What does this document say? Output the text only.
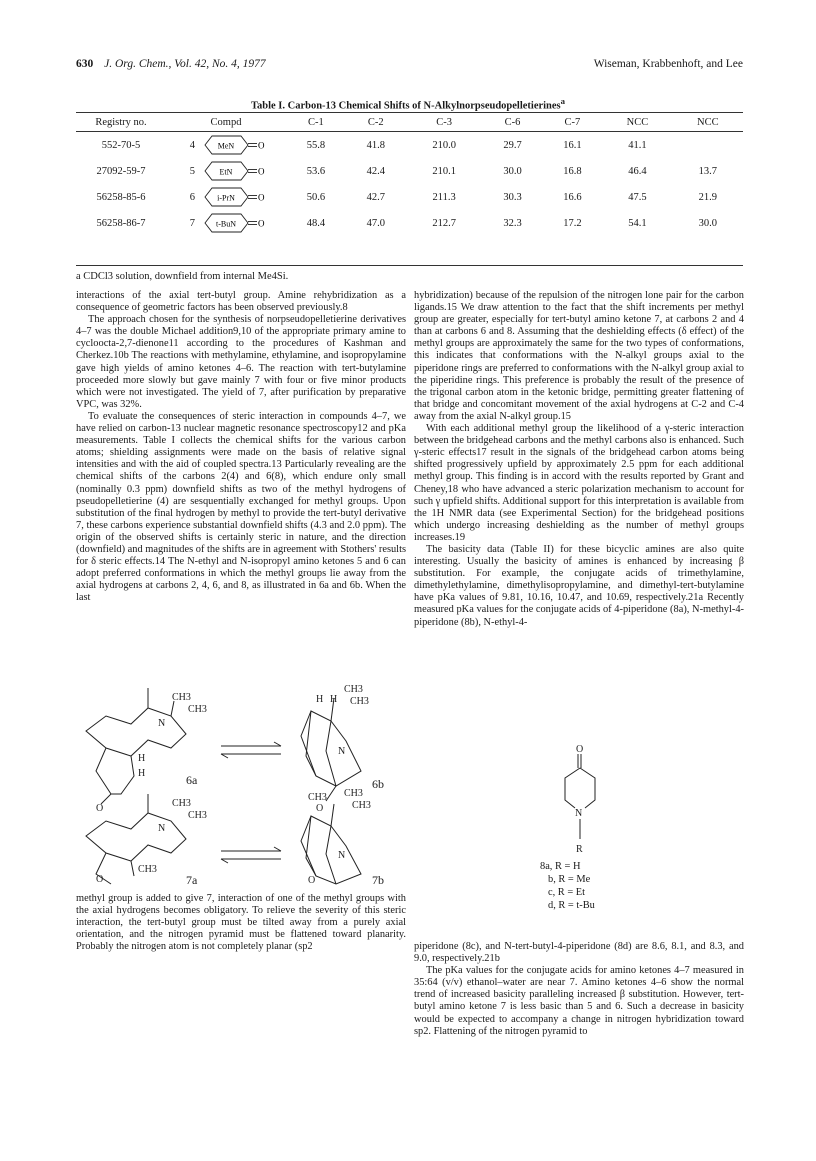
630 J. Org. Chem., Vol. 42, No. 4, 1977	Wiseman, Krabbenhoft, and Lee
Table I. Carbon-13 Chemical Shifts of N-Alkylnorpseudopelletierines$^a$
Registry no.	Compd	C-1	C-2	C-3	C-6	C-7	NCC	NCC
552-70-5	4 MeN O	55.8	41.8	210.0	29.7	16.1	41.1	
27092-59-7	5 EtN O	53.6	42.4	210.1	30.0	16.8	46.4	13.7
56258-85-6	6 i-PrN O	50.6	42.7	211.3	30.3	16.6	47.5	21.9
56258-86-7	7 t-BuN O	48.4	47.0	212.7	32.3	17.2	54.1	30.0
a CDCl3 solution, downfield from internal Me4Si.

interactions of the axial tert-butyl group. Amine rehybridization as a consequence of geometric factors has been observed previously.8

The approach chosen for the synthesis of norpseudopelletierine derivatives 4–7 was the double Michael addition9,10 of the appropriate primary amine to cycloocta-2,7-dienone11 according to the procedures of Kashman and Cherkez.10b The reactions with methylamine, ethylamine, and isopropylamine gave high yields of amino ketones 4–6. The reaction with tert-butylamine proceeded more slowly but gave mainly 7 with four or five minor products which were not investigated. The yield of 7, after purification by preparative VPC, was 32%.

To evaluate the consequences of steric interaction in compounds 4–7, we have relied on carbon-13 nuclear magnetic resonance spectroscopy12 and pKa measurements. Table I collects the chemical shifts for the various carbon atoms; shielding assignments were made on the basis of relative signal intensities and with the aid of coupled spectra.13 Particularly revealing are the chemical shifts of the carbons 2(4) and 6(8), which endure only small (nominally 0.3 ppm) downfield shifts as two of the methyl hydrogens of pseudopelletierine (4) are sesquentially exchanged for methyl groups. Upon substitution of the final hydrogen by methyl to provide the tert-butyl derivative 7, these carbons experience substantial downfield shifts (4.3 and 2.0 ppm). The origin of the observed shifts is certainly steric in nature, and the direction (downfield) and magnitudes of the shifts are in agreement with Stothers' results for δ steric effects.14 The N-ethyl and N-isopropyl amino ketones 5 and 6 can adopt preferred conformations in which the methyl groups lie away from the axial hydrogens at carbons 2, 4, 6, and 8, as illustrated in 6a and 6b. When the last

methyl group is added to give 7, interaction of one of the methyl groups with the axial hydrogens becomes obligatory. To relieve the severity of this steric interaction, the tert-butyl group must be tilted away from a purely axial orientation, and the nitrogen pyramid must be flattened toward planarity. Probably the nitrogen atom is not completely planar (sp2

hybridization) because of the repulsion of the nitrogen lone pair for the carbon ligands.15 We draw attention to the fact that the shift increments per methyl group are greater, especially for tert-butyl amino ketone 7, at carbons 2 and 4 than at carbons 6 and 8. Assuming that the deshielding effects (δ effect) of the methyl groups are approximately the same for the two types of conformations, this indicates that conformations with the N-alkyl groups axial to the piperidone rings are preferred to conformations with the N-alkyl group axial to the piperidine rings. This preference is probably the result of the presence of the trigonal carbon atom in the ketonic bridge, permitting greater flattening of that bridge and concomitant movement of the axial hydrogens at C-2 and C-4 away from the axial N-alkyl group.15

With each additional methyl group the likelihood of a γ-steric interaction between the bridgehead carbons and the methyl carbons also is enhanced. Such γ-steric effects17 result in the signals of the bridgehead carbon atoms being shifted progressively upfield by approximately 2.5 ppm for each additional methyl group. This finding is in accord with the results reported by Grant and Cheney,18 who have advanced a steric polarization mechanism to account for such γ upfield shifts. Additional support for this interpretation is available from the 1H NMR data (see Experimental Section) for the bridgehead positions which undergo increasing deshielding as the number of methyl groups increases.19

The basicity data (Table II) for these bicyclic amines are also quite interesting. Usually the basicity of amines is enhanced by increasing β substitution. For example, the conjugate acids of trimethylamine, dimethylethylamine, dimethylisopropylamine, and dimethyl-tert-butylamine have pKa values of 9.81, 10.16, 10.47, and 10.69, respectively.21a Recently measured pKa values for the conjugate acids of 4-piperidone (8a), N-methyl-4-piperidone (8b), N-ethyl-4-

piperidone (8c), and N-tert-butyl-4-piperidone (8d) are 8.6, 8.1, and 8.3, and 9.0, respectively.21b

The pKa values for the conjugate acids for amino ketones 4–7 measured in 35:64 (v/v) ethanol–water are near 7. Amino ketones 4–6 show the normal trend of increased basicity paralleling increased β substitution. However, tert-butyl amino ketone 7 is less basic than 5 and 6. Such a decrease in basicity would be expected to accompany a change in nitrogen hybridization toward sp2. Flattening of the nitrogen pyramid to

N
CH3
CH3
H
H
O
6a
N
CH3
CH3
H H
O
6b
N
CH3
CH3
CH3
O	7a
N
CH3 CH3
CH3
O	7b
O
N
R
8a, R = H
b, R = Me
c, R = Et
d, R = t-Bu
